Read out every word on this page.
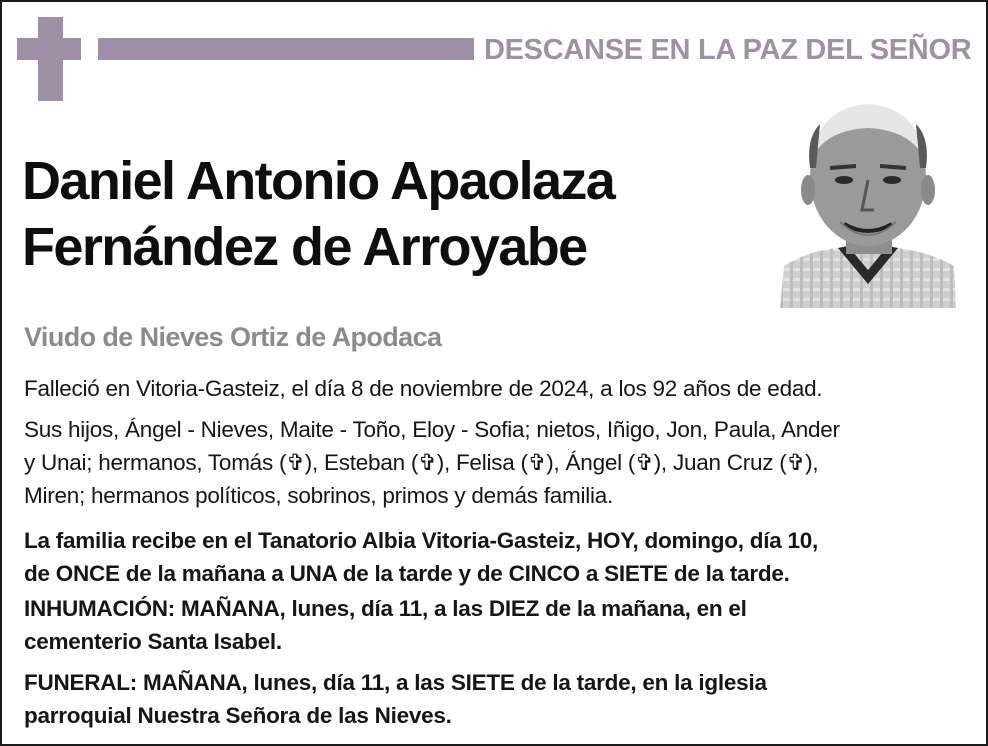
DESCANSE EN LA PAZ DEL SEÑOR
Daniel Antonio Apaolaza
Fernández de Arroyabe
Viudo de Nieves Ortiz de Apodaca
Falleció en Vitoria-Gasteiz, el día 8 de noviembre de 2024, a los 92 años de edad.
Sus hijos, Ángel - Nieves, Maite - Toño, Eloy - Sofia; nietos, Iñigo, Jon, Paula, Ander
y Unai; hermanos, Tomás (✞), Esteban (✞), Felisa (✞), Ángel (✞), Juan Cruz (✞),
Miren; hermanos políticos, sobrinos, primos y demás familia.
La familia recibe en el Tanatorio Albia Vitoria-Gasteiz, HOY, domingo, día 10,
de ONCE de la mañana a UNA de la tarde y de CINCO a SIETE de la tarde.
INHUMACIÓN: MAÑANA, lunes, día 11, a las DIEZ de la mañana, en el
cementerio Santa Isabel.
FUNERAL: MAÑANA, lunes, día 11, a las SIETE de la tarde, en la iglesia
parroquial Nuestra Señora de las Nieves.
